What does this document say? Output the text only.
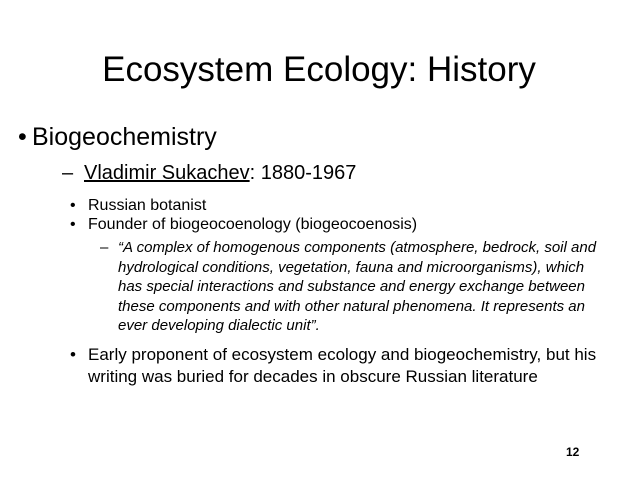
Ecosystem Ecology: History
• Biogeochemistry
– Vladimir Sukachev: 1880-1967
• Russian botanist
• Founder of biogeocoenology (biogeocoenosis)
– “A complex of homogenous components (atmosphere, bedrock, soil and hydrological conditions, vegetation, fauna and microorganisms), which has special interactions and substance and energy exchange between these components and with other natural phenomena. It represents an ever developing dialectic unit”.
• Early proponent of ecosystem ecology and biogeochemistry, but his writing was buried for decades in obscure Russian literature
12
